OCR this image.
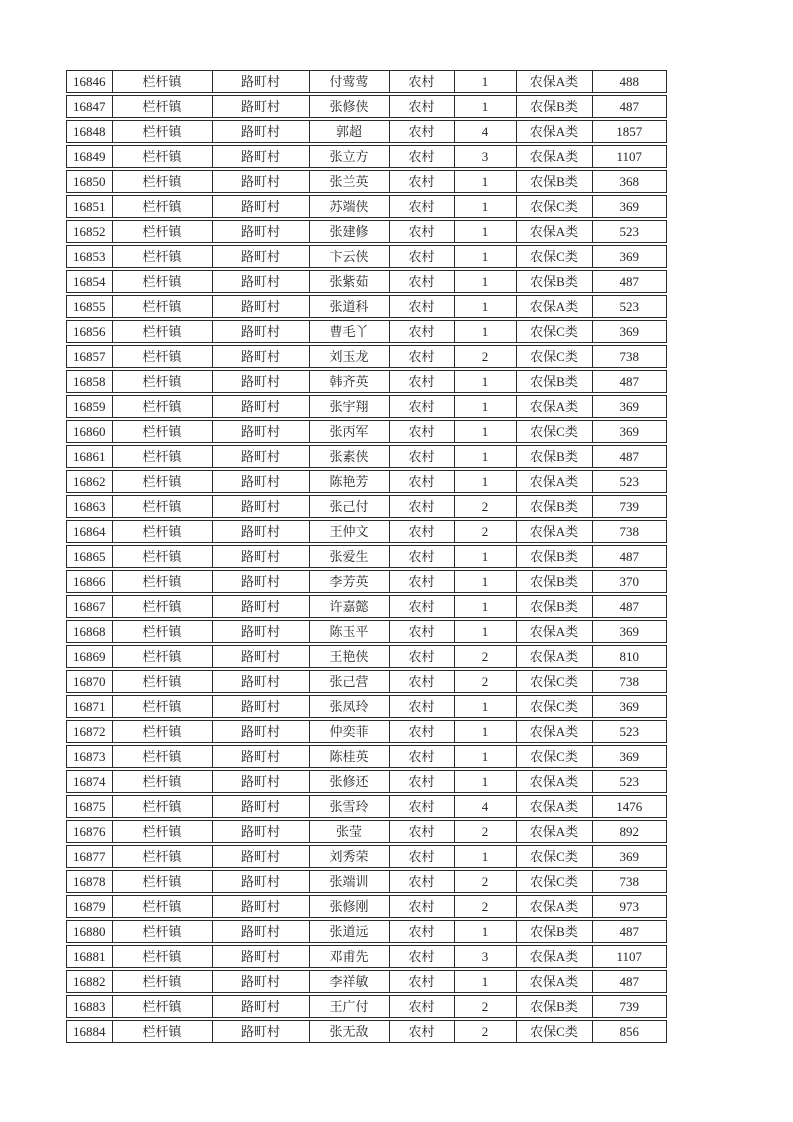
16846	栏杆镇	路町村	付莺莺	农村	1	农保A类	488
16847	栏杆镇	路町村	张修侠	农村	1	农保B类	487
16848	栏杆镇	路町村	郭超	农村	4	农保A类	1857
16849	栏杆镇	路町村	张立方	农村	3	农保A类	1107
16850	栏杆镇	路町村	张兰英	农村	1	农保B类	368
16851	栏杆镇	路町村	苏端侠	农村	1	农保C类	369
16852	栏杆镇	路町村	张建修	农村	1	农保A类	523
16853	栏杆镇	路町村	卞云侠	农村	1	农保C类	369
16854	栏杆镇	路町村	张紫茹	农村	1	农保B类	487
16855	栏杆镇	路町村	张道科	农村	1	农保A类	523
16856	栏杆镇	路町村	曹毛丫	农村	1	农保C类	369
16857	栏杆镇	路町村	刘玉龙	农村	2	农保C类	738
16858	栏杆镇	路町村	韩齐英	农村	1	农保B类	487
16859	栏杆镇	路町村	张宇翔	农村	1	农保A类	369
16860	栏杆镇	路町村	张丙军	农村	1	农保C类	369
16861	栏杆镇	路町村	张素侠	农村	1	农保B类	487
16862	栏杆镇	路町村	陈艳芳	农村	1	农保A类	523
16863	栏杆镇	路町村	张己付	农村	2	农保B类	739
16864	栏杆镇	路町村	王仲文	农村	2	农保A类	738
16865	栏杆镇	路町村	张爱生	农村	1	农保B类	487
16866	栏杆镇	路町村	李芳英	农村	1	农保B类	370
16867	栏杆镇	路町村	许嘉懿	农村	1	农保B类	487
16868	栏杆镇	路町村	陈玉平	农村	1	农保A类	369
16869	栏杆镇	路町村	王艳侠	农村	2	农保A类	810
16870	栏杆镇	路町村	张己营	农村	2	农保C类	738
16871	栏杆镇	路町村	张凤玲	农村	1	农保C类	369
16872	栏杆镇	路町村	仲奕菲	农村	1	农保A类	523
16873	栏杆镇	路町村	陈桂英	农村	1	农保C类	369
16874	栏杆镇	路町村	张修还	农村	1	农保A类	523
16875	栏杆镇	路町村	张雪玲	农村	4	农保A类	1476
16876	栏杆镇	路町村	张莹	农村	2	农保A类	892
16877	栏杆镇	路町村	刘秀荣	农村	1	农保C类	369
16878	栏杆镇	路町村	张端训	农村	2	农保C类	738
16879	栏杆镇	路町村	张修刚	农村	2	农保A类	973
16880	栏杆镇	路町村	张道远	农村	1	农保B类	487
16881	栏杆镇	路町村	邓甫先	农村	3	农保A类	1107
16882	栏杆镇	路町村	李祥敏	农村	1	农保A类	487
16883	栏杆镇	路町村	王广付	农村	2	农保B类	739
16884	栏杆镇	路町村	张无敌	农村	2	农保C类	856
